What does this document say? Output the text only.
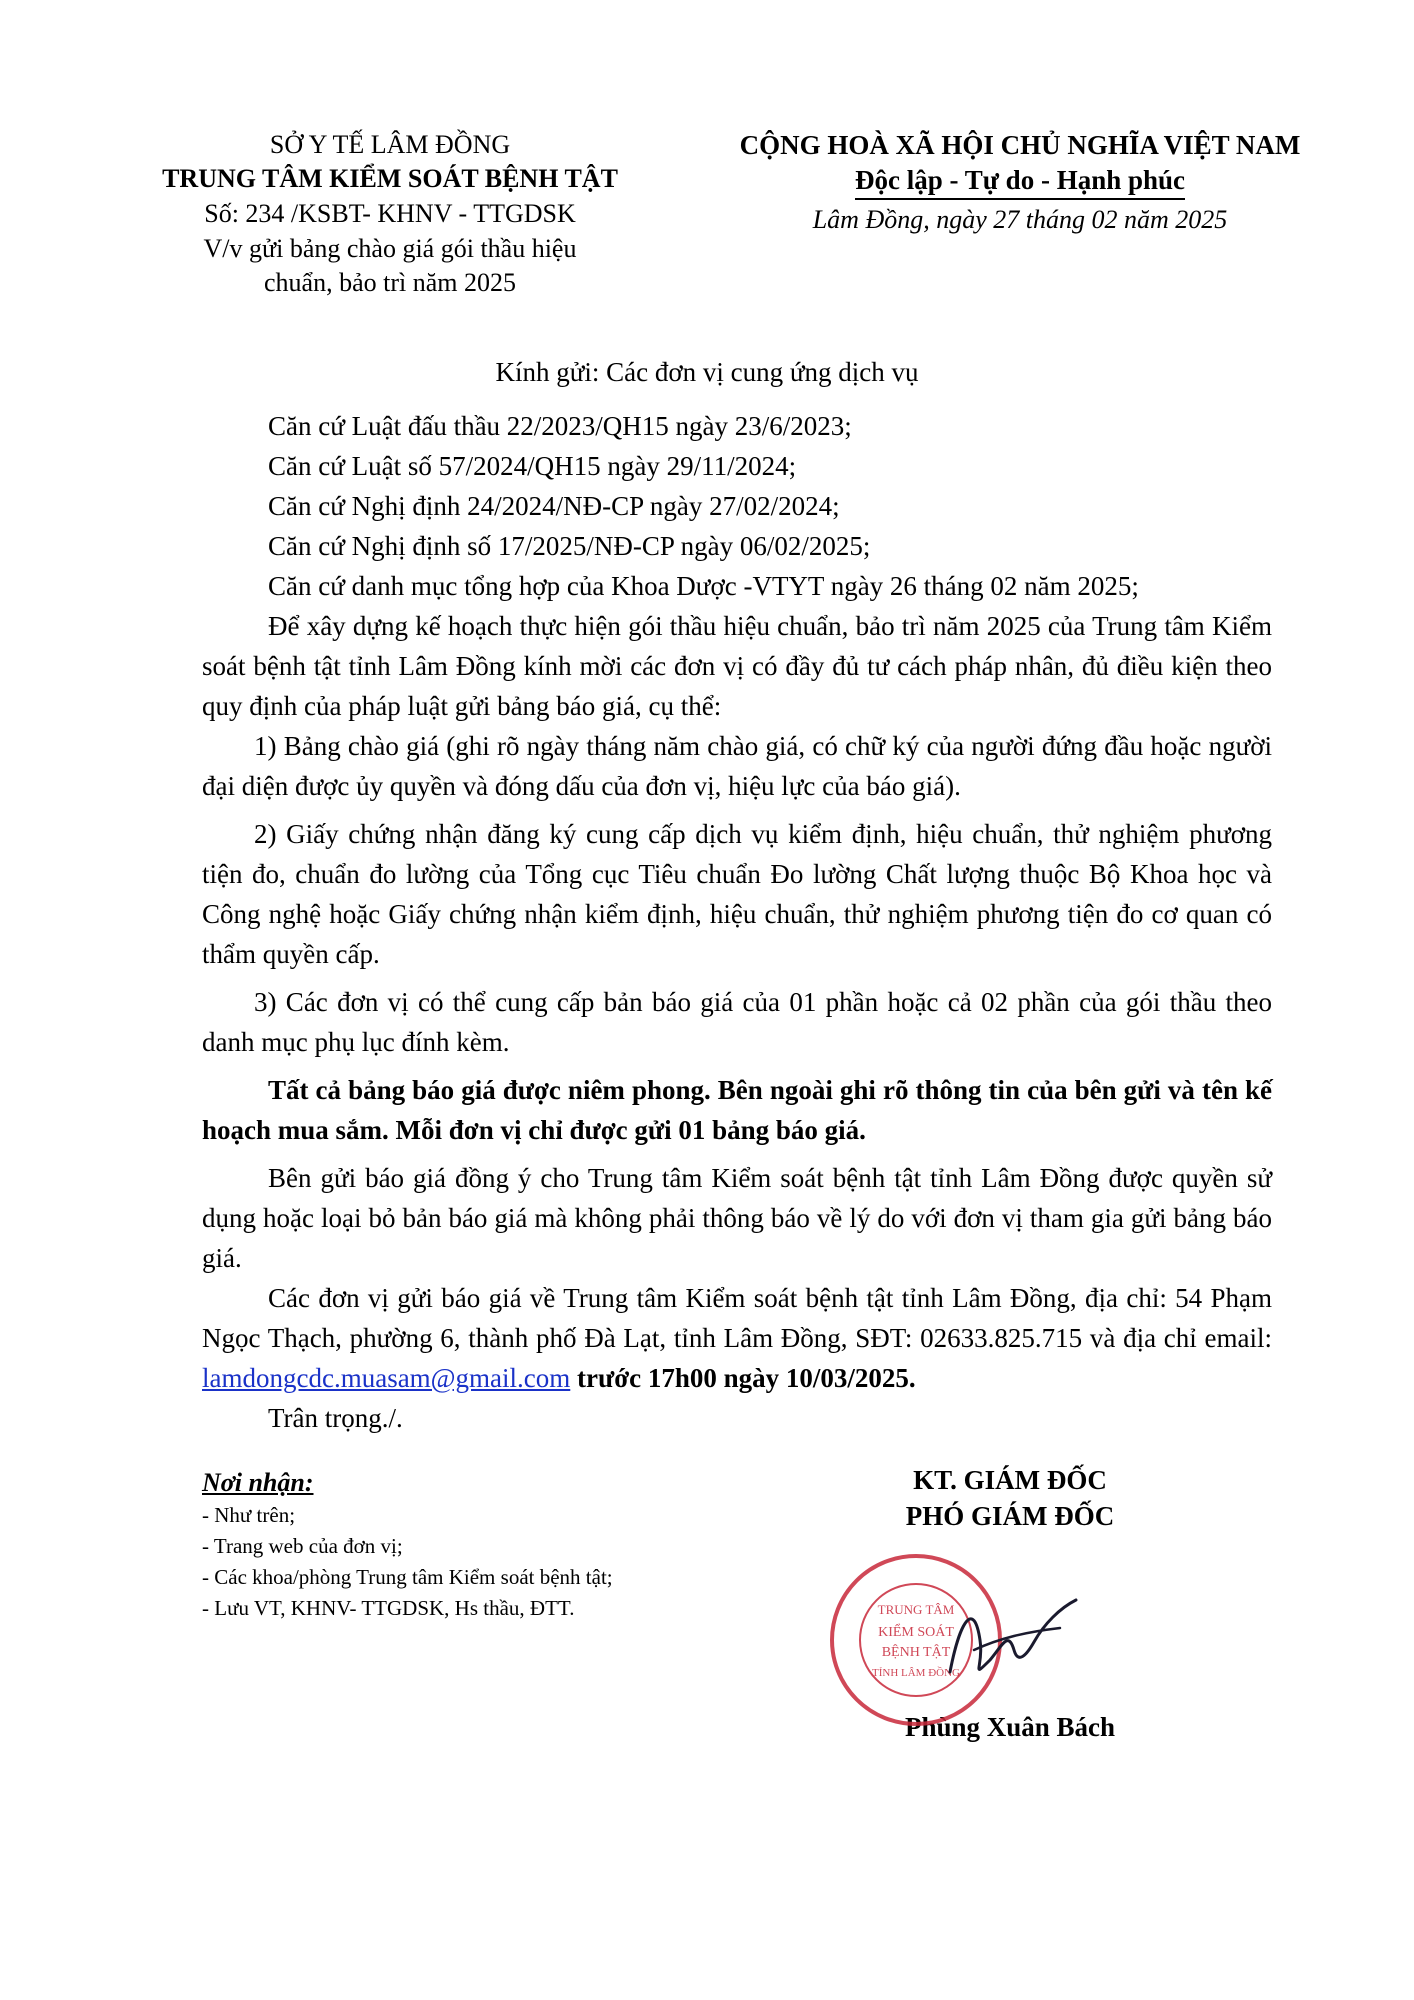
SỞ Y TẾ LÂM ĐỒNG
TRUNG TÂM KIỂM SOÁT BỆNH TẬT
Số: 234 /KSBT- KHNV - TTGDSK
V/v gửi bảng chào giá gói thầu hiệu
chuẩn, bảo trì năm 2025
CỘNG HOÀ XÃ HỘI CHỦ NGHĨA VIỆT NAM
Độc lập - Tự do - Hạnh phúc
Lâm Đồng, ngày 27 tháng 02 năm 2025
Kính gửi: Các đơn vị cung ứng dịch vụ

Căn cứ Luật đấu thầu 22/2023/QH15 ngày 23/6/2023;

Căn cứ Luật số 57/2024/QH15 ngày 29/11/2024;

Căn cứ Nghị định 24/2024/NĐ-CP ngày 27/02/2024;

Căn cứ Nghị định số 17/2025/NĐ-CP ngày 06/02/2025;

Căn cứ danh mục tổng hợp của Khoa Dược -VTYT ngày 26 tháng 02 năm 2025;

Để xây dựng kế hoạch thực hiện gói thầu hiệu chuẩn, bảo trì năm 2025 của Trung tâm Kiểm soát bệnh tật tỉnh Lâm Đồng kính mời các đơn vị có đầy đủ tư cách pháp nhân, đủ điều kiện theo quy định của pháp luật gửi bảng báo giá, cụ thể:

1) Bảng chào giá (ghi rõ ngày tháng năm chào giá, có chữ ký của người đứng đầu hoặc người đại diện được ủy quyền và đóng dấu của đơn vị, hiệu lực của báo giá).

2) Giấy chứng nhận đăng ký cung cấp dịch vụ kiểm định, hiệu chuẩn, thử nghiệm phương tiện đo, chuẩn đo lường của Tổng cục Tiêu chuẩn Đo lường Chất lượng thuộc Bộ Khoa học và Công nghệ hoặc Giấy chứng nhận kiểm định, hiệu chuẩn, thử nghiệm phương tiện đo cơ quan có thẩm quyền cấp.

3) Các đơn vị có thể cung cấp bản báo giá của 01 phần hoặc cả 02 phần của gói thầu theo danh mục phụ lục đính kèm.

Tất cả bảng báo giá được niêm phong. Bên ngoài ghi rõ thông tin của bên gửi và tên kế hoạch mua sắm. Mỗi đơn vị chỉ được gửi 01 bảng báo giá.

Bên gửi báo giá đồng ý cho Trung tâm Kiểm soát bệnh tật tỉnh Lâm Đồng được quyền sử dụng hoặc loại bỏ bản báo giá mà không phải thông báo về lý do với đơn vị tham gia gửi bảng báo giá.

Các đơn vị gửi báo giá về Trung tâm Kiểm soát bệnh tật tỉnh Lâm Đồng, địa chỉ: 54 Phạm Ngọc Thạch, phường 6, thành phố Đà Lạt, tỉnh Lâm Đồng, SĐT: 02633.825.715 và địa chỉ email: lamdongcdc.muasam@gmail.com trước 17h00 ngày 10/03/2025.

Trân trọng./.

Nơi nhận:
- Như trên;
- Trang web của đơn vị;
- Các khoa/phòng Trung tâm Kiểm soát bệnh tật;
- Lưu VT, KHNV- TTGDSK, Hs thầu, ĐTT.
KT. GIÁM ĐỐC
PHÓ GIÁM ĐỐC
Phùng Xuân Bách
TRUNG TÂM
KIỂM SOÁT
BỆNH TẬT
TỈNH LÂM ĐỒNG
